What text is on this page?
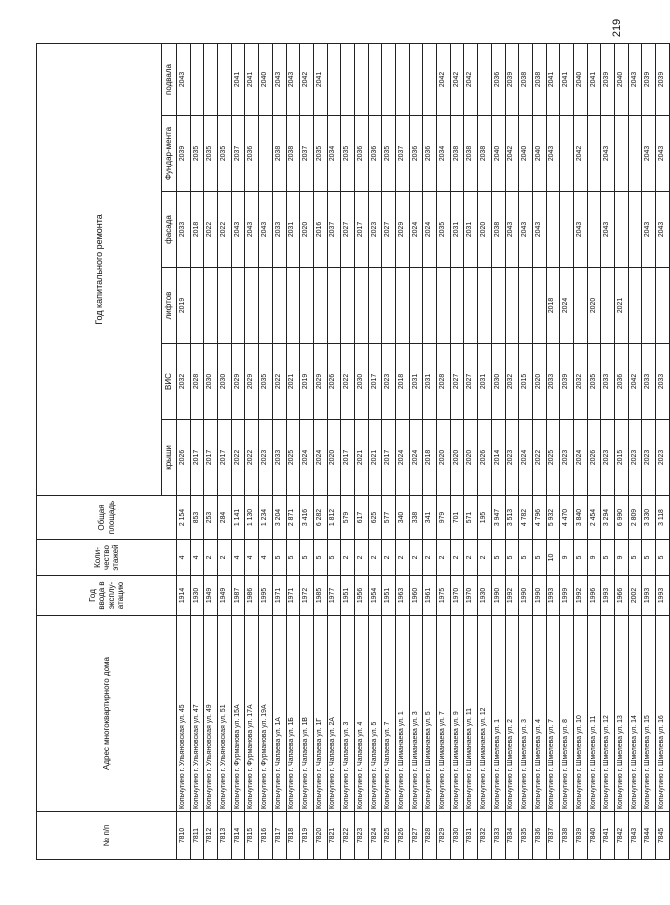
219
№ п/п	Адрес многоквартирного дома	Год ввода в эксплу-атацию	Коли-чество этажей	Общая площадь	Год капитального ремонта					
					крыши	ВИС	лифтов	фасада	Фундар-мента	подвала
7810	Копьчугино г. Ульяновская ул. 45	1914	4	2 154	2026	2032	2019	2033	2039	2043
7811	Копьчугино г. Ульяновская ул. 47	1930	4	853	2017	2028		2018	2035	
7812	Копьчугино г. Ульяновская ул. 49	1949	2	253	2017	2030		2022	2035	
7813	Копьчугино г. Ульяновская ул. 51	1949	2	284	2017	2030		2022	2035	
7814	Копьчугино г. Фурманова ул. 15А	1987	4	1 141	2022	2029		2043	2037	2041
7815	Копьчугино г. Фурманова ул. 17А	1986	4	1 130	2022	2029		2043	2036	2041
7816	Копьчугино г. Фурманова ул. 19А	1995	4	1 234	2023	2035		2043		2040
7817	Копьчугино г. Чапаева ул. 1А	1971	5	3 204	2033	2022		2033	2038	2043
7818	Копьчугино г. Чапаева ул. 1Б	1971	5	2 871	2025	2021		2031	2038	2043
7819	Копьчугино г. Чапаева ул. 1В	1972	5	3 416	2024	2019		2020	2037	2042
7820	Копьчугино г. Чапаева ул. 1Г	1985	5	6 282	2024	2029		2016	2035	2041
7821	Копьчугино г. Чапаева ул. 2А	1977	5	1 812	2020	2026		2037	2034	
7822	Копьчугино г. Чапаева ул. 3	1951	2	579	2017	2022		2027	2035	
7823	Копьчугино г. Чапаева ул. 4	1956	2	617	2021	2030		2017	2036	
7824	Копьчугино г. Чапаева ул. 5	1954	2	625	2021	2017		2023	2036	
7825	Копьчугино г. Чапаева ул. 7	1951	2	577	2017	2023		2027	2035	
7826	Копьчугино г. Шиманаева ул. 1	1963	2	340	2024	2018		2029	2037	
7827	Копьчугино г. Шиманаева ул. 3	1960	2	338	2024	2031		2024	2036	
7828	Копьчугино г. Шиманаева ул. 5	1961	2	341	2018	2031		2024	2036	
7829	Копьчугино г. Шиманаева ул. 7	1975	2	979	2020	2028		2035	2034	2042
7830	Копьчугино г. Шиманаева ул. 9	1970	2	701	2020	2027		2031	2038	2042
7831	Копьчугино г. Шиманаева ул. 11	1970	2	571	2020	2027		2031	2038	2042
7832	Копьчугино г. Шиманаева ул. 12	1930	2	195	2026	2031		2020	2038	
7833	Копьчугино г. Шмелева ул. 1	1990	5	3 947	2014	2030		2038	2040	2036
7834	Копьчугино г. Шмелева ул. 2	1992	5	3 513	2023	2032		2043	2042	2039
7835	Копьчугино г. Шмелева ул. 3	1990	5	4 782	2024	2015		2043	2040	2038
7836	Копьчугино г. Шмелева ул. 4	1990	5	4 796	2022	2020		2043	2040	2038
7837	Копьчугино г. Шмелева ул. 7	1993	10	5 932	2025	2033	2018		2043	2041
7838	Копьчугино г. Шмелева ул. 8	1999	9	4 470	2023	2039	2024			2041
7839	Копьчугино г. Шмелева ул. 10	1992	5	3 840	2024	2032		2043	2042	2040
7840	Копьчугино г. Шмелева ул. 11	1996	9	2 454	2026	2035	2020			2041
7841	Копьчугино г. Шмелева ул. 12	1993	5	3 294	2023	2033		2043	2043	2039
7842	Копьчугино г. Шмелева ул. 13	1966	9	6 990	2015	2036	2021			2040
7843	Копьчугино г. Шмелева ул. 14	2002	5	2 809	2023	2042				2043
7844	Копьчугино г. Шмелева ул. 15	1993	5	3 330	2023	2033		2043	2043	2039
7845	Копьчугино г. Шмелева ул. 16	1993	5	3 118	2023	2033		2043	2043	2039
